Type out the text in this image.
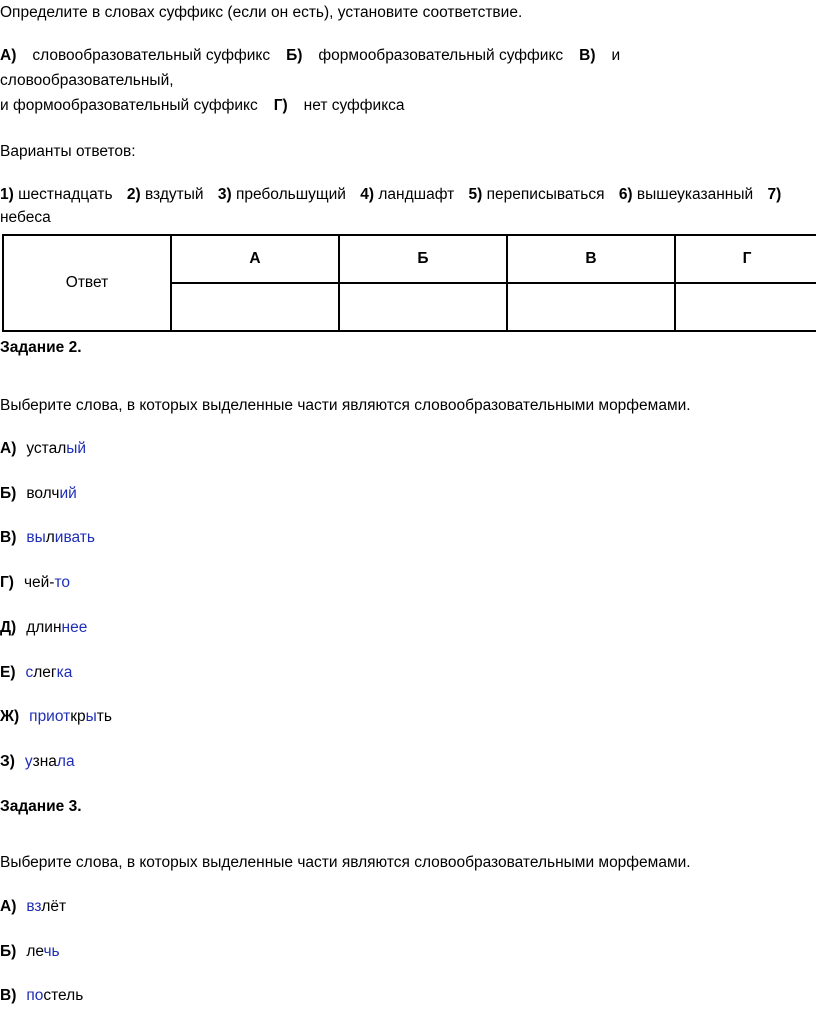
Определите в словах суффикс (если он есть), установите соответствие.
А) словообразовательный суффикс Б) формообразовательный суффикс В) и
словообразовательный,
и формообразовательный суффикс Г) нет суффикса
Варианты ответов:
1) шестнадцать 2) вздутый 3) пребольшущий 4) ландшафт 5) переписываться 6) вышеуказанный 7)
небеса
Ответ	А	Б	В	Г

Задание 2.
Выберите слова, в которых выделенные части являются словообразовательными морфемами.
А) усталый
Б) волчий
В) выливать
Г) чей-то
Д) длиннее
Е) слегка
Ж) приоткрыть
З) узнала
Задание 3.
Выберите слова, в которых выделенные части являются словообразовательными морфемами.
А) взлёт
Б) лечь
В) постель
